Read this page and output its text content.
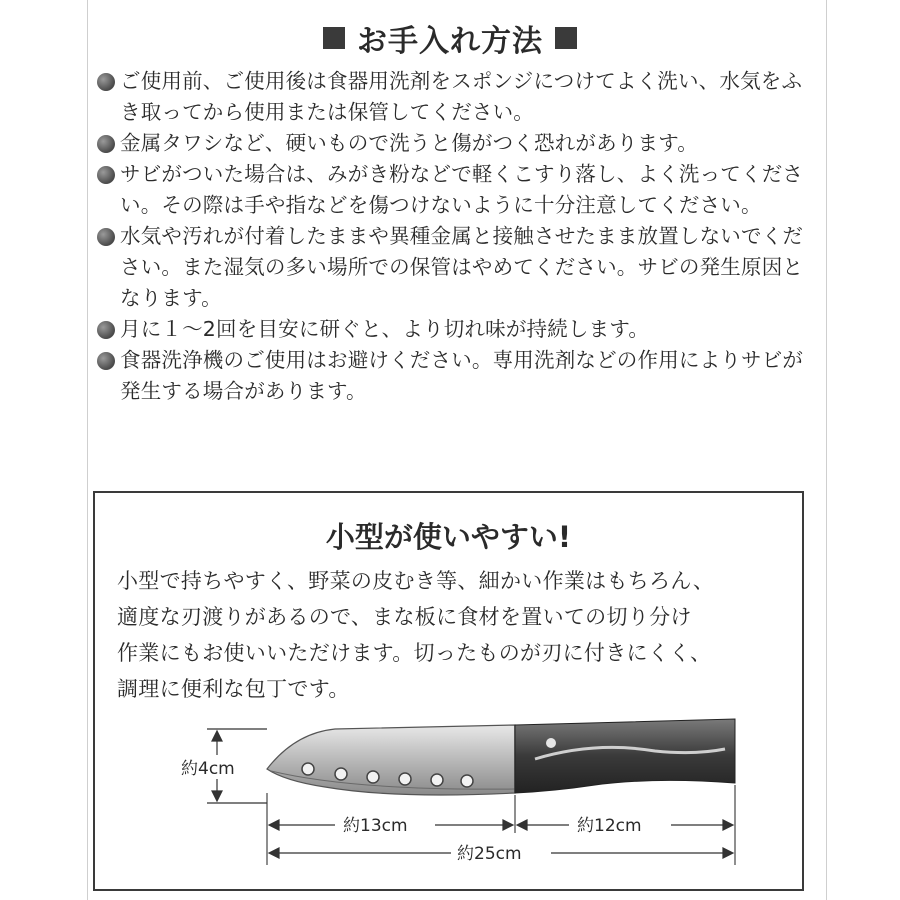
お手入れ方法
ご使用前、ご使用後は食器用洗剤をスポンジにつけてよく洗い、水気をふき取ってから使用または保管してください。
金属タワシなど、硬いもので洗うと傷がつく恐れがあります。
サビがついた場合は、みがき粉などで軽くこすり落し、よく洗ってください。その際は手や指などを傷つけないように十分注意してください。
水気や汚れが付着したままや異種金属と接触させたまま放置しないでください。また湿気の多い場所での保管はやめてください。サビの発生原因となります。
月に１～2回を目安に研ぐと、より切れ味が持続します。
食器洗浄機のご使用はお避けください。専用洗剤などの作用によりサビが発生する場合があります。
小型が使いやすい!
小型で持ちやすく、野菜の皮むき等、細かい作業はもちろん、
適度な刃渡りがあるので、まな板に食材を置いての切り分け
作業にもお使いいただけます。切ったものが刃に付きにくく、
調理に便利な包丁です。
約4cm
約13cm	約12cm
約25cm
